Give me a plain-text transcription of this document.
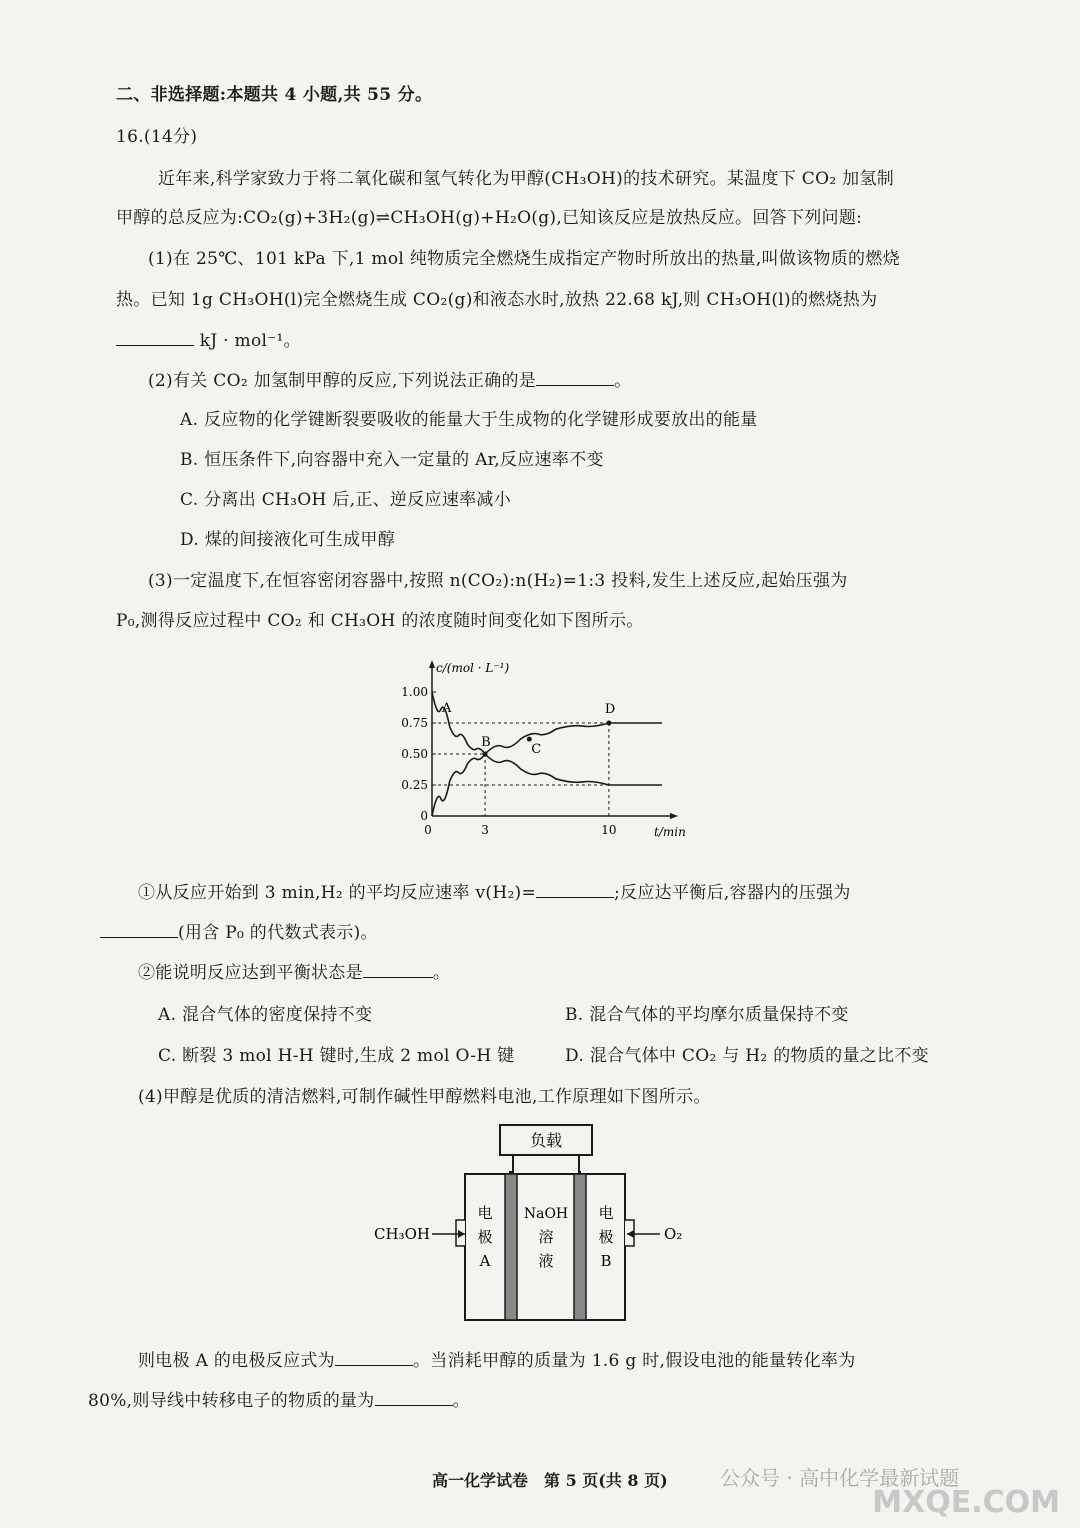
二、非选择题:本题共 4 小题,共 55 分。
16.(14分)
近年来,科学家致力于将二氧化碳和氢气转化为甲醇(CH₃OH)的技术研究。某温度下 CO₂ 加氢制
甲醇的总反应为:CO₂(g)+3H₂(g)⇌CH₃OH(g)+H₂O(g),已知该反应是放热反应。回答下列问题:
(1)在 25℃、101 kPa 下,1 mol 纯物质完全燃烧生成指定产物时所放出的热量,叫做该物质的燃烧
热。已知 1g CH₃OH(l)完全燃烧生成 CO₂(g)和液态水时,放热 22.68 kJ,则 CH₃OH(l)的燃烧热为
kJ · mol⁻¹。
(2)有关 CO₂ 加氢制甲醇的反应,下列说法正确的是	。
A. 反应物的化学键断裂要吸收的能量大于生成物的化学键形成要放出的能量
B. 恒压条件下,向容器中充入一定量的 Ar,反应速率不变
C. 分离出 CH₃OH 后,正、逆反应速率减小
D. 煤的间接液化可生成甲醇
(3)一定温度下,在恒容密闭容器中,按照 n(CO₂):n(H₂)=1:3 投料,发生上述反应,起始压强为
P₀,测得反应过程中 CO₂ 和 CH₃OH 的浓度随时间变化如下图所示。
c/(mol · L⁻¹)
t/min
0
0.25
0.50
0.75
1.00
0	3	10
A
B	C
D
①从反应开始到 3 min,H₂ 的平均反应速率 v(H₂)=	;反应达平衡后,容器内的压强为
(用含 P₀ 的代数式表示)。
②能说明反应达到平衡状态是	。
A. 混合气体的密度保持不变	B. 混合气体的平均摩尔质量保持不变
C. 断裂 3 mol H-H 键时,生成 2 mol O-H 键	D. 混合气体中 CO₂ 与 H₂ 的物质的量之比不变
(4)甲醇是优质的清洁燃料,可制作碱性甲醇燃料电池,工作原理如下图所示。
负载
CH₃OH	O₂
电
极
A
NaOH
溶
液
电
极
B
则电极 A 的电极反应式为	。当消耗甲醇的质量为 1.6 g 时,假设电池的能量转化率为
80%,则导线中转移电子的物质的量为	。
高一化学试卷　第 5 页(共 8 页)	公众号 · 高中化学最新试题
MXQE.COM
